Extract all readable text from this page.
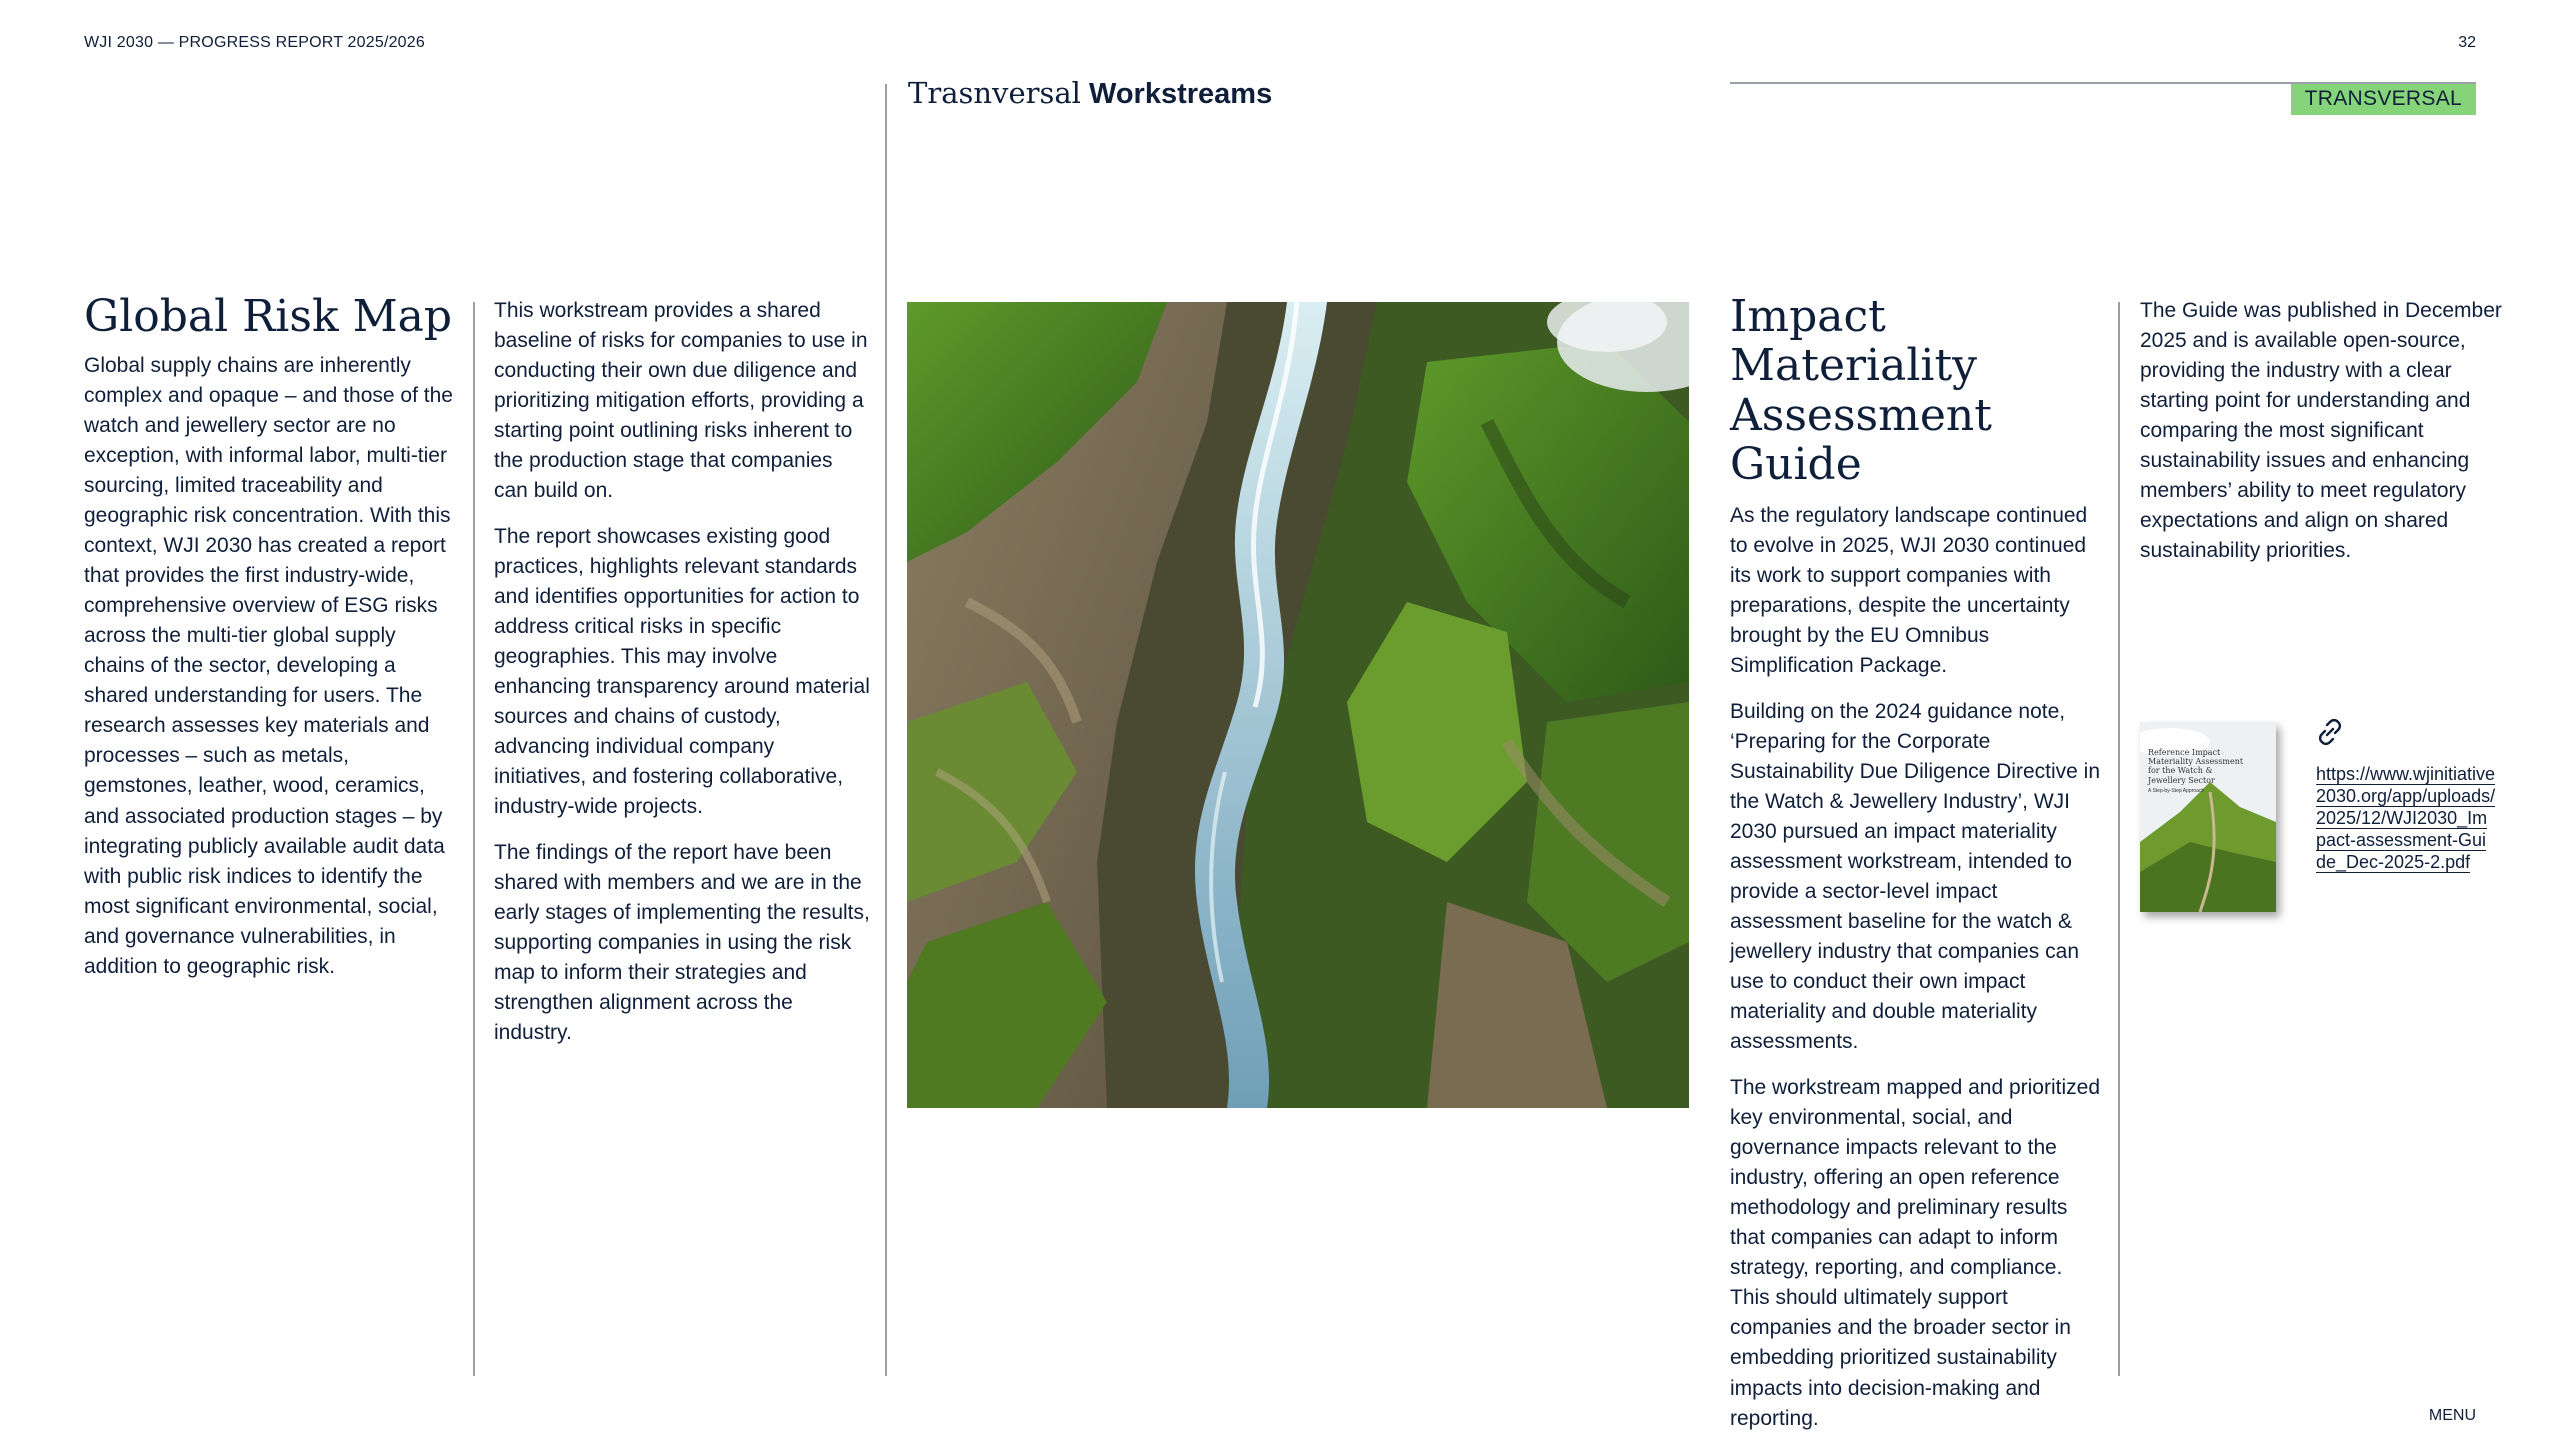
WJI 2030 — PROGRESS REPORT 2025/2026	32
Trasnversal Workstreams	TRANSVERSAL
Global Risk Map
Global supply chains are inherently complex and opaque – and those of the watch and jewellery sector are no exception, with informal labor, multi-tier sourcing, limited traceability and geographic risk concentration. With this context, WJI 2030 has created a report that provides the first industry-wide, comprehensive overview of ESG risks across the multi-tier global supply chains of the sector, developing a shared understanding for users. The research assesses key materials and processes – such as metals, gemstones, leather, wood, ceramics, and associated production stages – by integrating publicly available audit data with public risk indices to identify the most significant environmental, social, and governance vulnerabilities, in addition to geographic risk.

This workstream provides a shared baseline of risks for companies to use in conducting their own due diligence and prioritizing mitigation efforts, providing a starting point outlining risks inherent to the production stage that companies can build on.

The report showcases existing good practices, highlights relevant standards and identifies opportunities for action to address critical risks in specific geographies. This may involve enhancing transparency around material sources and chains of custody, advancing individual company initiatives, and fostering collaborative, industry-wide projects.

The findings of the report have been shared with members and we are in the early stages of implementing the results, supporting companies in using the risk map to inform their strategies and strengthen alignment across the industry.

Impact Materiality
Assessment Guide

As the regulatory landscape continued to evolve in 2025, WJI 2030 continued its work to support companies with preparations, despite the uncertainty brought by the EU Omnibus Simplification Package.

Building on the 2024 guidance note, ‘Preparing for the Corporate Sustainability Due Diligence Directive in the Watch & Jewellery Industry’, WJI 2030 pursued an impact materiality assessment workstream, intended to provide a sector-level impact assessment baseline for the watch & jewellery industry that companies can use to conduct their own impact materiality and double materiality assessments.

The workstream mapped and prioritized key environmental, social, and governance impacts relevant to the industry, offering an open reference methodology and preliminary results that companies can adapt to inform strategy, reporting, and compliance. This should ultimately support companies and the broader sector in embedding prioritized sustainability impacts into decision-making and reporting.

The Guide was published in December 2025 and is available open-source, providing the industry with a clear starting point for understanding and comparing the most significant sustainability issues and enhancing members’ ability to meet regulatory expectations and align on shared sustainability priorities.
Reference Impact Materiality Assessment for the Watch & Jewellery Sector
A Step-by-Step Approach
https://www.wjinitiative2030.org/app/uploads/2025/12/WJI2030_Impact-assessment-Guide_Dec-2025-2.pdf
MENU
